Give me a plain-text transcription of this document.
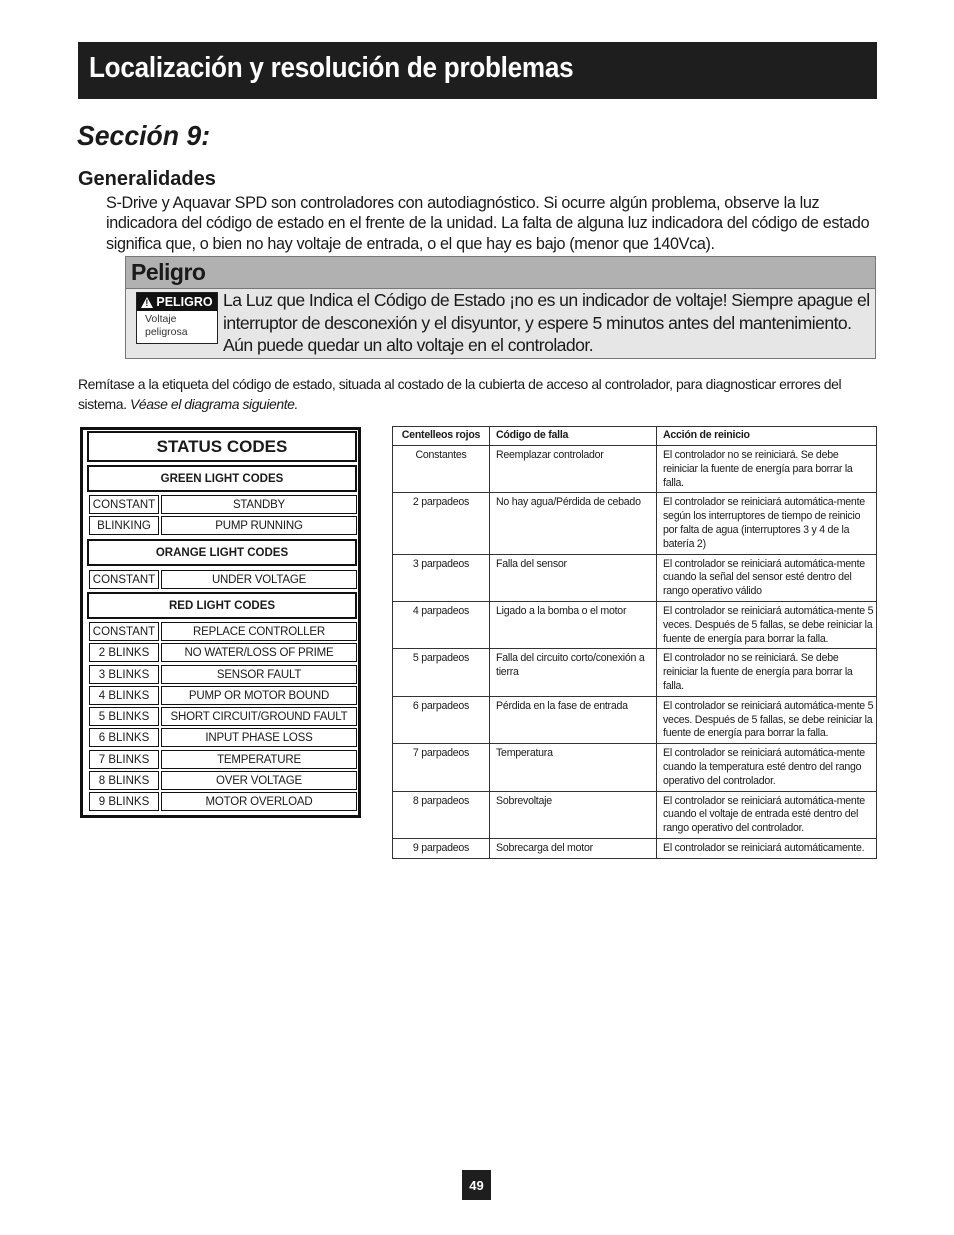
Localización y resolución de problemas
Sección 9:
Generalidades

S-Drive y Aquavar SPD son controladores con autodiagnóstico. Si ocurre algún problema, observe la luz indicadora del código de estado en el frente de la unidad. La falta de alguna luz indicadora del código de estado significa que, o bien no hay voltaje de entrada, o el que hay es bajo (menor que 140Vca).

Peligro
!
PELIGRO
Voltaje
peligrosa

La Luz que Indica el Código de Estado ¡no es un indicador de voltaje! Siempre apague el interruptor de desconexión y el disyuntor, y espere 5 minutos antes del mantenimiento. Aún puede quedar un alto voltaje en el controlador.

Remítase a la etiqueta del código de estado, situada al costado de la cubierta de acceso al controlador, para diagnosticar errores del sistema. Véase el diagrama siguiente.

STATUS CODES
GREEN LIGHT CODES
CONSTANT	STANDBY
BLINKING	PUMP RUNNING
ORANGE LIGHT CODES
CONSTANT	UNDER VOLTAGE
RED LIGHT CODES
CONSTANT	REPLACE CONTROLLER
2 BLINKS	NO WATER/LOSS OF PRIME
3 BLINKS	SENSOR FAULT
4 BLINKS	PUMP OR MOTOR BOUND
5 BLINKS	SHORT CIRCUIT/GROUND FAULT
6 BLINKS	INPUT PHASE LOSS
7 BLINKS	TEMPERATURE
8 BLINKS	OVER VOLTAGE
9 BLINKS	MOTOR OVERLOAD
Centelleos rojos	Código de falla	Acción de reinicio
Constantes	Reemplazar controlador	El controlador no se reiniciará. Se debe reiniciar la fuente de energía para borrar la falla.
2 parpadeos	No hay agua/Pérdida de cebado	El controlador se reiniciará automática-mente según los interruptores de tiempo de reinicio por falta de agua (interruptores 3 y 4 de la batería 2)
3 parpadeos	Falla del sensor	El controlador se reiniciará automática-mente cuando la señal del sensor esté dentro del rango operativo válido
4 parpadeos	Ligado a la bomba o el motor	El controlador se reiniciará automática-mente 5 veces. Después de 5 fallas, se debe reiniciar la fuente de energía para borrar la falla.
5 parpadeos	Falla del circuito corto/conexión a tierra	El controlador no se reiniciará. Se debe reiniciar la fuente de energía para borrar la falla.
6 parpadeos	Pérdida en la fase de entrada	El controlador se reiniciará automática-mente 5 veces. Después de 5 fallas, se debe reiniciar la fuente de energía para borrar la falla.
7 parpadeos	Temperatura	El controlador se reiniciará automática-mente cuando la temperatura esté dentro del rango operativo del controlador.
8 parpadeos	Sobrevoltaje	El controlador se reiniciará automática-mente cuando el voltaje de entrada esté dentro del rango operativo del controlador.
9 parpadeos	Sobrecarga del motor	El controlador se reiniciará automáticamente.
49
